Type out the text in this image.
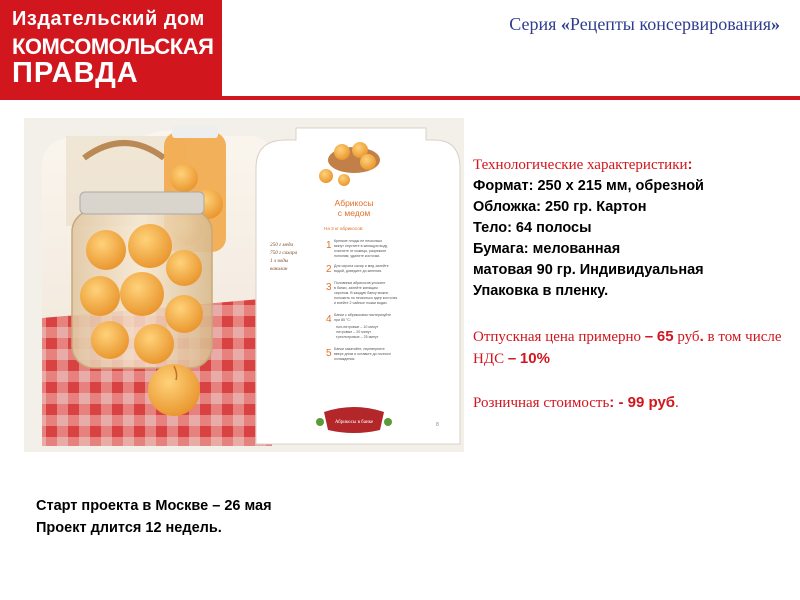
Издательский дом
КОМСОМОЛЬСКАЯ
ПРАВДА
Серия «Рецепты консервирования»
Абрикосы
с медом
На 3 кг абрикосов:
250 г меда
750 г сахара
1 л воды
ванилин
1 Крепкие плоды не несколько
минут опустите в кипящую воду,
очистите от кожицы, разрежьте
пополам, удалите косточки.
2 Для сиропа сахар и мед залейте
водой, доведите до кипения.
3 Половинки абрикосов уложите
в банки, залейте кипящим
сиропом. В каждую банку можно
положить по несколько ядер косточек
и влейте 2 чайные ложки водки.
4 Банки с абрикосами пастеризуйте
при 85 °С:
пол-литровые – 10 минут
литровые – 20 минут
трехлитровые – 25 минут
5 Банки закатайте, переверните
вверх дном и оставьте до полного
охлаждения.
Абрикосы в банке	8
Технологические характеристики:
Формат: 250 х 215 мм, обрезной
Обложка: 250 гр. Картон
Тело: 64 полосы
Бумага: мелованная
матовая 90 гр. Индивидуальная
Упаковка в пленку.
Отпускная цена примерно – 65 руб. в том числе НДС – 10%
Розничная стоимость: - 99 руб.
Старт проекта в Москве – 26 мая
Проект длится 12 недель.
